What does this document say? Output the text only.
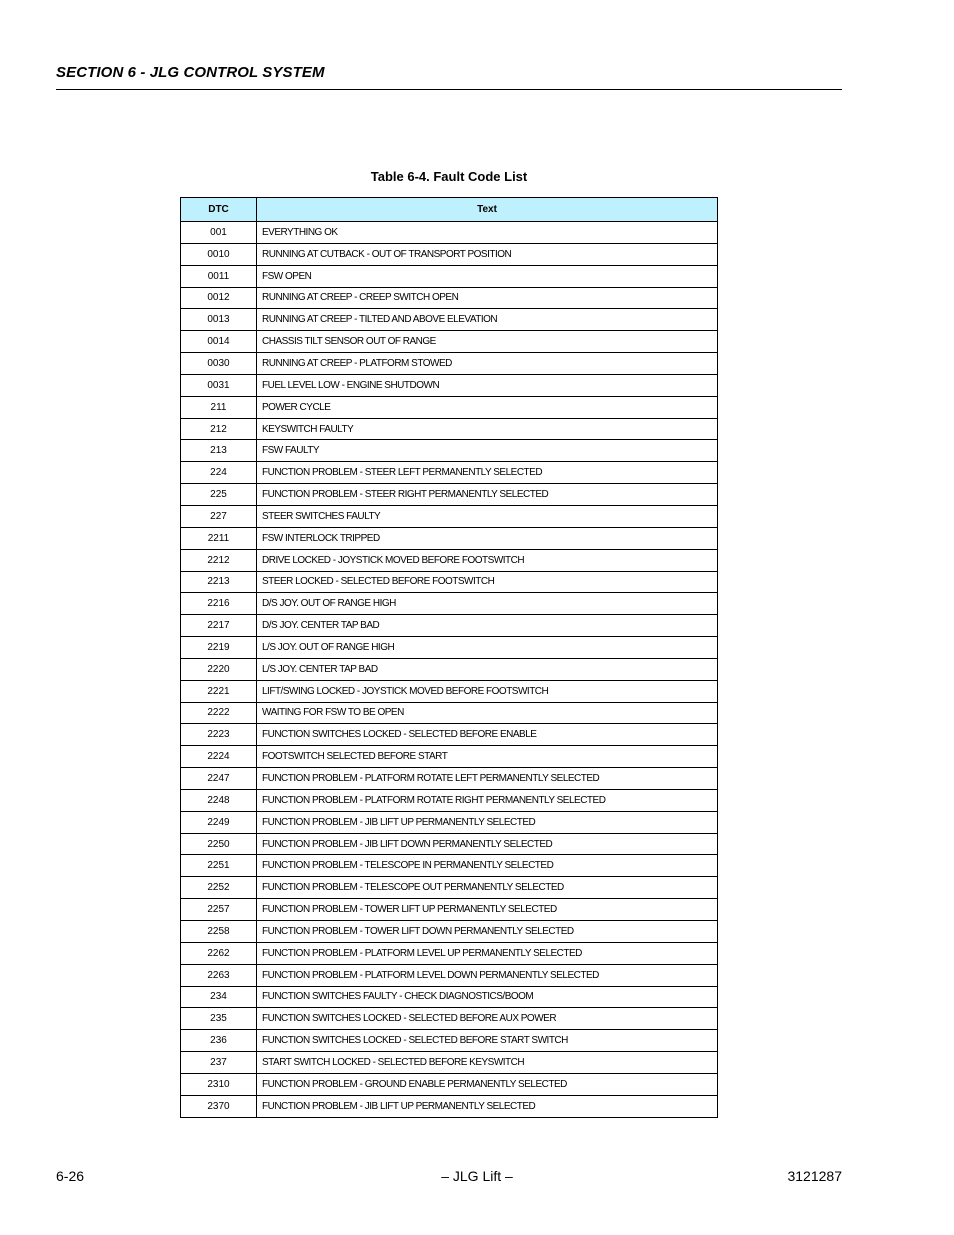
SECTION 6 - JLG CONTROL SYSTEM
Table 6-4. Fault Code List
DTC	Text
001	EVERYTHING OK
0010	RUNNING AT CUTBACK - OUT OF TRANSPORT POSITION
0011	FSW OPEN
0012	RUNNING AT CREEP - CREEP SWITCH OPEN
0013	RUNNING AT CREEP - TILTED AND ABOVE ELEVATION
0014	CHASSIS TILT SENSOR OUT OF RANGE
0030	RUNNING AT CREEP - PLATFORM STOWED
0031	FUEL LEVEL LOW - ENGINE SHUTDOWN
211	POWER CYCLE
212	KEYSWITCH FAULTY
213	FSW FAULTY
224	FUNCTION PROBLEM - STEER LEFT PERMANENTLY SELECTED
225	FUNCTION PROBLEM - STEER RIGHT PERMANENTLY SELECTED
227	STEER SWITCHES FAULTY
2211	FSW INTERLOCK TRIPPED
2212	DRIVE LOCKED - JOYSTICK MOVED BEFORE FOOTSWITCH
2213	STEER LOCKED - SELECTED BEFORE FOOTSWITCH
2216	D/S JOY. OUT OF RANGE HIGH
2217	D/S JOY. CENTER TAP BAD
2219	L/S JOY. OUT OF RANGE HIGH
2220	L/S JOY. CENTER TAP BAD
2221	LIFT/SWING LOCKED - JOYSTICK MOVED BEFORE FOOTSWITCH
2222	WAITING FOR FSW TO BE OPEN
2223	FUNCTION SWITCHES LOCKED - SELECTED BEFORE ENABLE
2224	FOOTSWITCH SELECTED BEFORE START
2247	FUNCTION PROBLEM - PLATFORM ROTATE LEFT PERMANENTLY SELECTED
2248	FUNCTION PROBLEM - PLATFORM ROTATE RIGHT PERMANENTLY SELECTED
2249	FUNCTION PROBLEM - JIB LIFT UP PERMANENTLY SELECTED
2250	FUNCTION PROBLEM - JIB LIFT DOWN PERMANENTLY SELECTED
2251	FUNCTION PROBLEM - TELESCOPE IN PERMANENTLY SELECTED
2252	FUNCTION PROBLEM - TELESCOPE OUT PERMANENTLY SELECTED
2257	FUNCTION PROBLEM - TOWER LIFT UP PERMANENTLY SELECTED
2258	FUNCTION PROBLEM - TOWER LIFT DOWN PERMANENTLY SELECTED
2262	FUNCTION PROBLEM - PLATFORM LEVEL UP PERMANENTLY SELECTED
2263	FUNCTION PROBLEM - PLATFORM LEVEL DOWN PERMANENTLY SELECTED
234	FUNCTION SWITCHES FAULTY - CHECK DIAGNOSTICS/BOOM
235	FUNCTION SWITCHES LOCKED - SELECTED BEFORE AUX POWER
236	FUNCTION SWITCHES LOCKED - SELECTED BEFORE START SWITCH
237	START SWITCH LOCKED - SELECTED BEFORE KEYSWITCH
2310	FUNCTION PROBLEM - GROUND ENABLE PERMANENTLY SELECTED
2370	FUNCTION PROBLEM - JIB LIFT UP PERMANENTLY SELECTED
6-26	– JLG Lift –	3121287
